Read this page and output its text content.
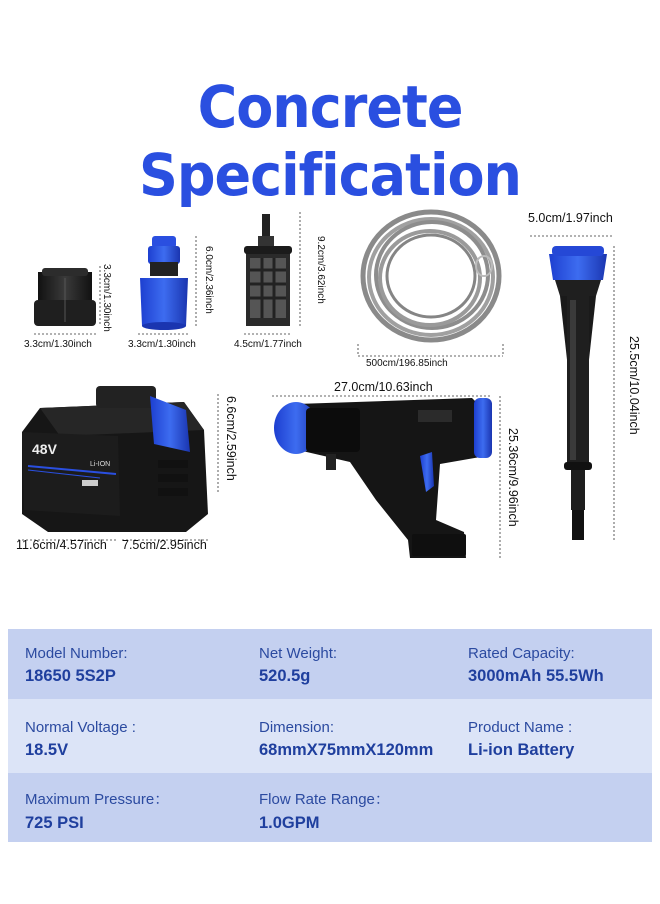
Concrete Specification
48V
Li-ION
3.3cm/1.30inch
3.3cm/1.30inch
6.0cm/2.36inch
3.3cm/1.30inch
9.2cm/3.62inch
4.5cm/1.77inch
500cm/196.85inch
5.0cm/1.97inch
25.5cm/10.04inch
6.6cm/2.59inch
11.6cm/4.57inch 7.5cm/2.95inch
27.0cm/10.63inch
25.36cm/9.96inch
Model Number:
18650 5S2P
Net Weight:
520.5g
Rated Capacity:
3000mAh 55.5Wh
Normal Voltage :
18.5V
Dimension:
68mmX75mmX120mm
Product Name :
Li-ion Battery
Maximum Pressure：
725 PSI
Flow Rate Range：
1.0GPM
